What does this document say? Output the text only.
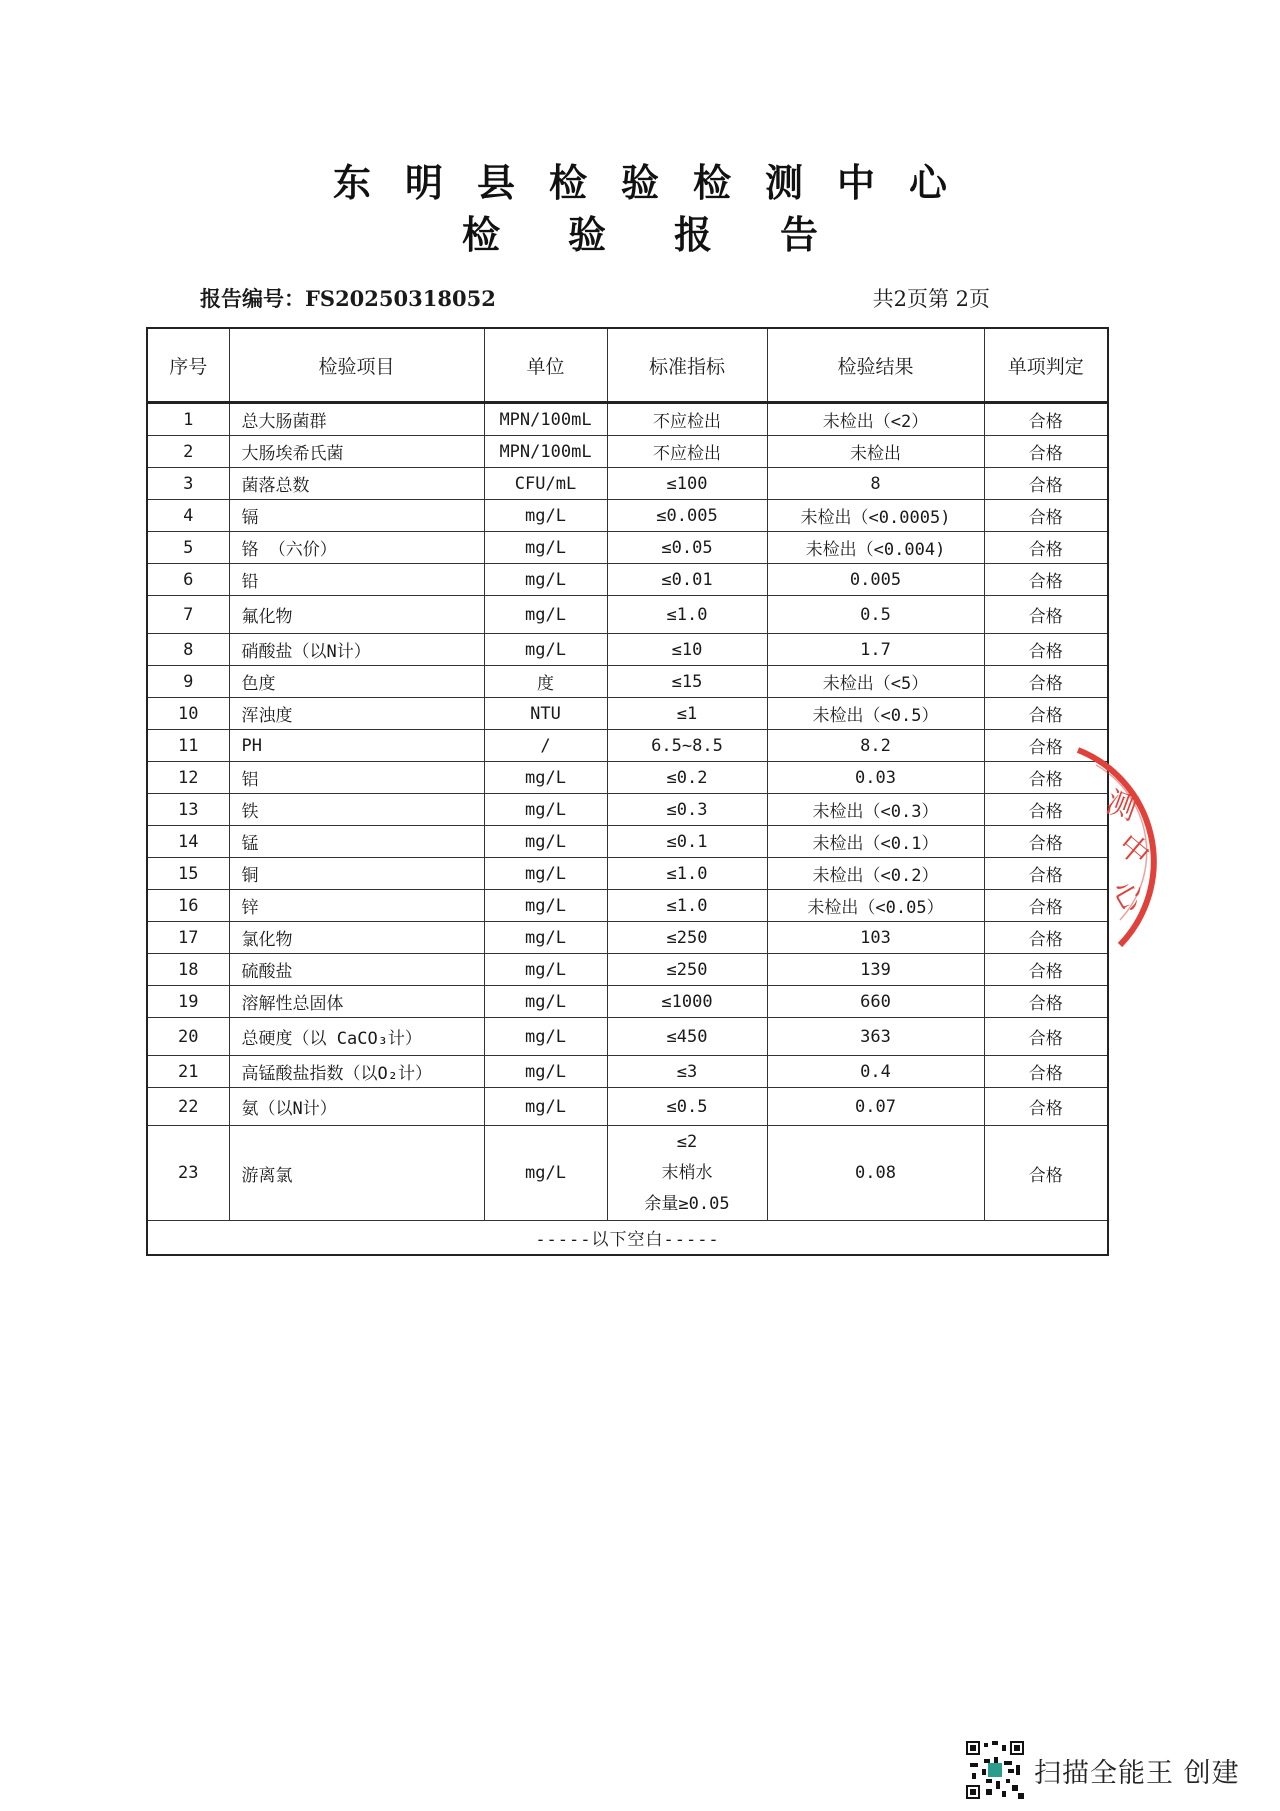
东明县检验检测中心
检验报告
报告编号：FS20250318052	共2页第 2页
序号	检验项目	单位	标准指标	检验结果	单项判定
1	总大肠菌群	MPN/100mL	不应检出	未检出（<2）	合格
2	大肠埃希氏菌	MPN/100mL	不应检出	未检出	合格
3	菌落总数	CFU/mL	≤100	8	合格
4	镉	mg/L	≤0.005	未检出（<0.0005)	合格
5	铬 （六价）	mg/L	≤0.05	未检出（<0.004)	合格
6	铅	mg/L	≤0.01	0.005	合格
7	氟化物	mg/L	≤1.0	0.5	合格
8	硝酸盐（以N计）	mg/L	≤10	1.7	合格
9	色度	度	≤15	未检出（<5）	合格
10	浑浊度	NTU	≤1	未检出（<0.5）	合格
11	PH	/	6.5~8.5	8.2	合格
12	铝	mg/L	≤0.2	0.03	合格
13	铁	mg/L	≤0.3	未检出（<0.3）	合格
14	锰	mg/L	≤0.1	未检出（<0.1）	合格
15	铜	mg/L	≤1.0	未检出（<0.2）	合格
16	锌	mg/L	≤1.0	未检出（<0.05）	合格
17	氯化物	mg/L	≤250	103	合格
18	硫酸盐	mg/L	≤250	139	合格
19	溶解性总固体	mg/L	≤1000	660	合格
20	总硬度（以 CaCO₃计）	mg/L	≤450	363	合格
21	高锰酸盐指数（以O₂计）	mg/L	≤3	0.4	合格
22	氨（以N计）	mg/L	≤0.5	0.07	合格
23	游离氯	mg/L	≤2
末梢水
余量≥0.05	0.08	合格
-----以下空白-----					
测
中
心
扫描全能王 创建
